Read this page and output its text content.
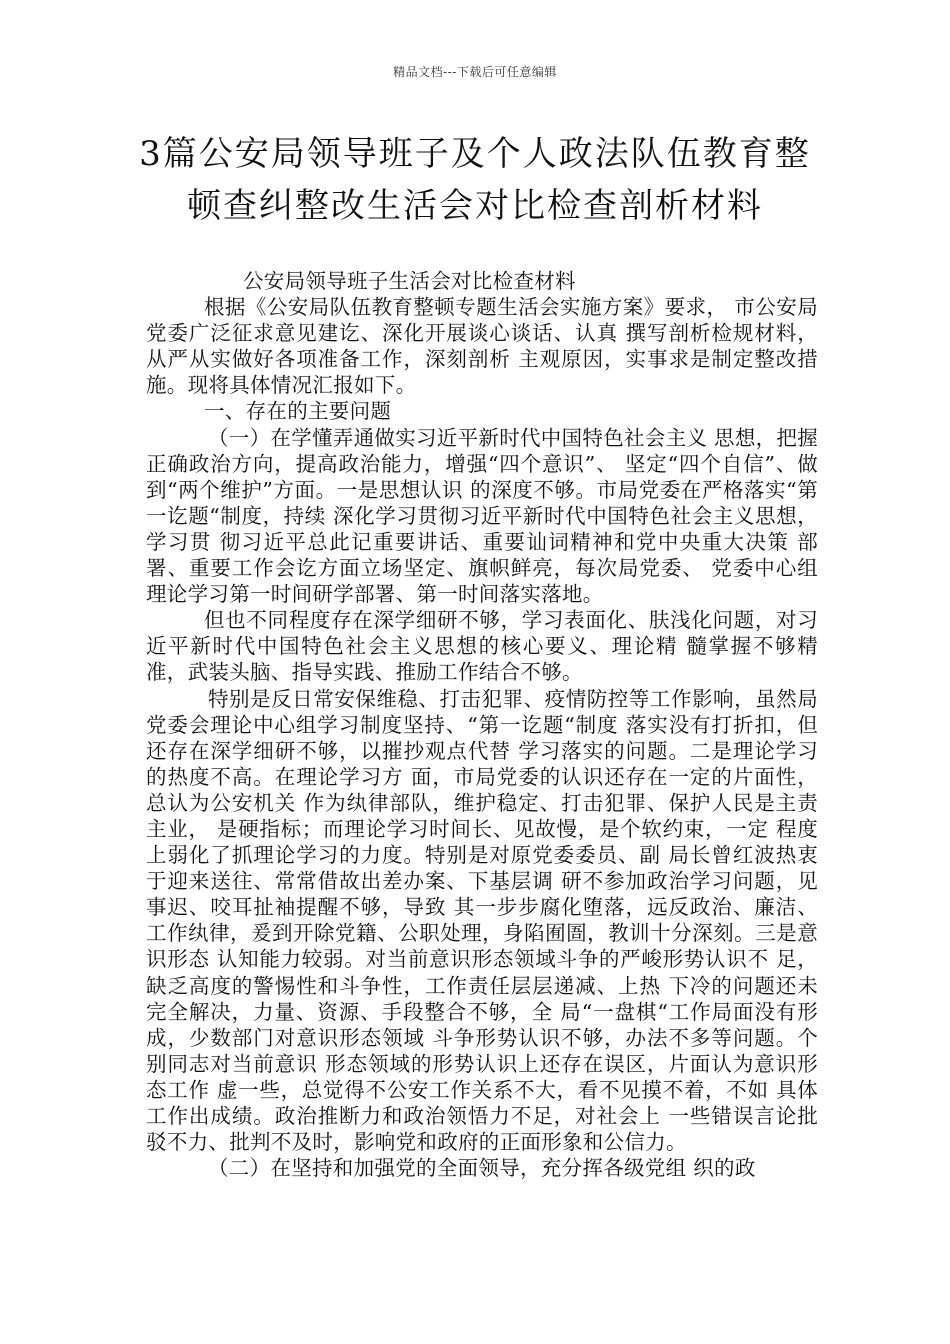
精品文档---下载后可任意编辑
3篇公安局领导班子及个人政法队伍教育整
顿查纠整改生活会对比检查剖析材料

公安局领导班子生活会对比检查材料

根据《公安局队伍教育整顿专题生活会实施方案》要求， 市公安局党委广泛征求意见建讫、深化开展谈心谈话、认真 撰写剖析检规材料，从严从实做好各项准备工作，深刻剖析 主观原因，实事求是制定整改措施。现将具体情况汇报如下。

一、存在的主要问题

（一）在学懂弄通做实习近平新时代中国特色社会主义 思想，把握正确政治方向，提高政治能力，增强“四个意识”、 坚定“四个自信”、做到“两个维护”方面。一是思想认识 的深度不够。市局党委在严格落实“第一讫题“制度，持续 深化学习贯彻习近平新时代中国特色社会主义思想，学习贯 彻习近平总此记重要讲话、重要讪词精神和党中央重大决策 部署、重要工作会讫方面立场坚定、旗帜鲜亮，每次局党委、 党委中心组理论学习第一时间研学部署、第一时间落实落地。

但也不同程度存在深学细研不够，学习表面化、肤浅化问题，对习近平新时代中国特色社会主义思想的核心要义、理论精 髓掌握不够精准，武装头脑、指导实践、推励工作结合不够。

特别是反日常安保维稳、打击犯罪、疫情防控等工作影响，虽然局党委会理论中心组学习制度坚持、“第一讫题“制度 落实没有打折扣，但还存在深学细研不够，以摧抄观点代替 学习落实的问题。二是理论学习的热度不高。在理论学习方 面，市局党委的认识还存在一定的片面性，总认为公安机关 作为纨律部队，维护稳定、打击犯罪、保护人民是主责主业， 是硬指标；而理论学习时间长、见故慢，是个软约束，一定 程度上弱化了抓理论学习的力度。特别是对原党委委员、副 局长曾红波热衷于迎来送往、常常借故出差办案、下基层调 研不参加政治学习问题，见事迟、咬耳扯袖提醒不够，导致 其一步步腐化堕落，远反政治、廉洁、工作纨律，爰到开除党籍、公职处理，身陷囿圄，教训十分深刻。三是意识形态 认知能力较弱。对当前意识形态领域斗争的严峻形势认识不 足，缺乏高度的警惕性和斗争性，工作责任层层递减、上热 下冷的问题还未完全解决，力量、资源、手段整合不够，全 局“一盘棋“工作局面没有形成，少数部门对意识形态领域 斗争形势认识不够，办法不多等问题。个别同志对当前意识 形态领域的形势认识上还存在误区，片面认为意识形态工作 虚一些，总觉得不公安工作关系不大，看不见摸不着，不如 具体工作出成绩。政治推断力和政治领悟力不足，对社会上 一些错误言论批驳不力、批判不及时，影响党和政府的正面形象和公信力。

（二）在坚持和加强党的全面领导，充分挥各级党组 织的政
